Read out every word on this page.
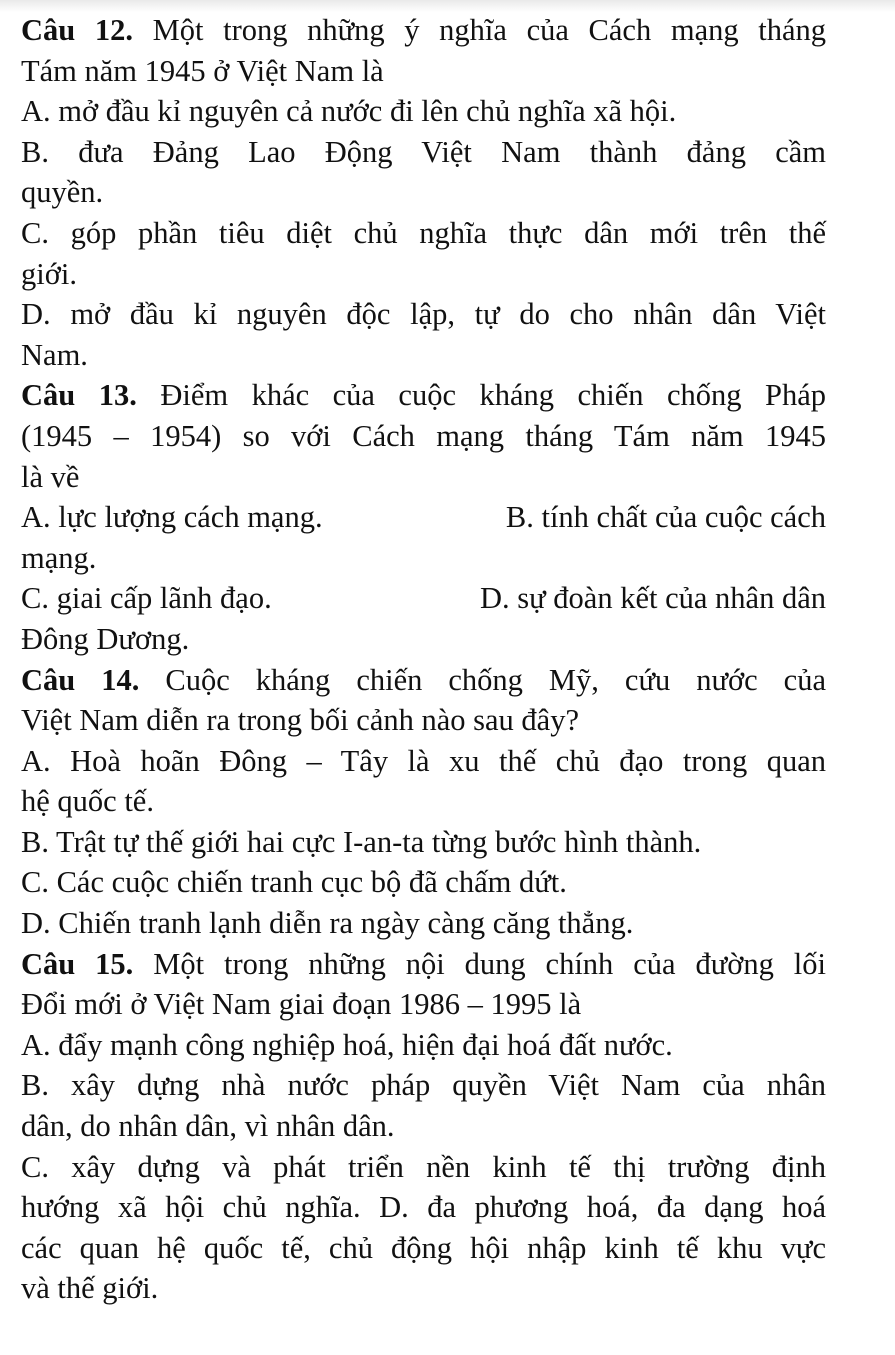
Câu 12. Một trong những ý nghĩa của Cách mạng tháng
Tám năm 1945 ở Việt Nam là
A. mở đầu kỉ nguyên cả nước đi lên chủ nghĩa xã hội.
B. đưa Đảng Lao Động Việt Nam thành đảng cầm
quyền.
C. góp phần tiêu diệt chủ nghĩa thực dân mới trên thế
giới.
D. mở đầu kỉ nguyên độc lập, tự do cho nhân dân Việt
Nam.
Câu 13. Điểm khác của cuộc kháng chiến chống Pháp
(1945 – 1954) so với Cách mạng tháng Tám năm 1945
là về
A. lực lượng cách mạng.	B. tính chất của cuộc cách
mạng.
C. giai cấp lãnh đạo.	D. sự đoàn kết của nhân dân
Đông Dương.
Câu 14. Cuộc kháng chiến chống Mỹ, cứu nước của
Việt Nam diễn ra trong bối cảnh nào sau đây?
A. Hoà hoãn Đông – Tây là xu thế chủ đạo trong quan
hệ quốc tế.
B. Trật tự thế giới hai cực I-an-ta từng bước hình thành.
C. Các cuộc chiến tranh cục bộ đã chấm dứt.
D. Chiến tranh lạnh diễn ra ngày càng căng thẳng.
Câu 15. Một trong những nội dung chính của đường lối
Đổi mới ở Việt Nam giai đoạn 1986 – 1995 là
A. đẩy mạnh công nghiệp hoá, hiện đại hoá đất nước.
B. xây dựng nhà nước pháp quyền Việt Nam của nhân
dân, do nhân dân, vì nhân dân.
C. xây dựng và phát triển nền kinh tế thị trường định
hướng xã hội chủ nghĩa. D. đa phương hoá, đa dạng hoá
các quan hệ quốc tế, chủ động hội nhập kinh tế khu vực
và thế giới.
